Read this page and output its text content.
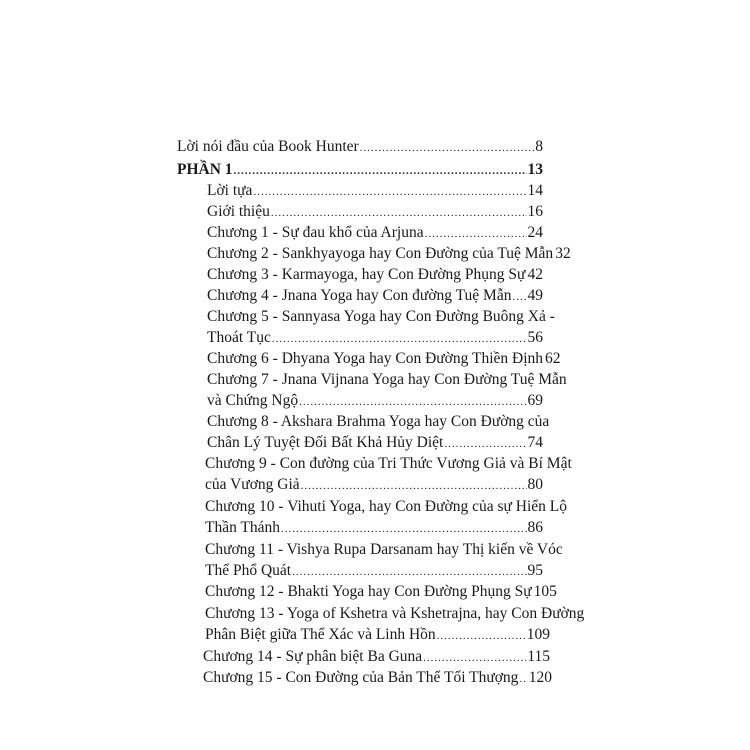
Lời nói đầu của Book Hunter .....	8
PHẦN 1 .....	13
Lời tựa .....	14
Giới thiệu .....	16
Chương 1 - Sự đau khổ của Arjuna .....	24
Chương 2 - Sankhyayoga hay Con Đường của Tuệ Mẫn 32
Chương 3 - Karmayoga, hay Con Đường Phụng Sự ..... 42
Chương 4 - Jnana Yoga hay Con đường Tuệ Mẫn ..... 49
Chương 5 - Sannyasa Yoga hay Con Đường Buông Xả -
Thoát Tục .....	56
Chương 6 - Dhyana Yoga hay Con Đường Thiền Định 62
Chương 7 - Jnana Vijnana Yoga hay Con Đường Tuệ Mẫn
và Chứng Ngộ .....	69
Chương 8 - Akshara Brahma Yoga hay Con Đường của
Chân Lý Tuyệt Đối Bất Khả Hủy Diệt .....	74
Chương 9 - Con đường của Tri Thức Vương Giả và Bí Mật
của Vương Giả .....	80
Chương 10 - Vihuti Yoga, hay Con Đường của sự Hiển Lộ
Thần Thánh .....	86
Chương 11 - Vishya Rupa Darsanam hay Thị kiến về Vóc
Thể Phổ Quát .....	95
Chương 12 - Bhakti Yoga hay Con Đường Phụng Sự 105
Chương 13 - Yoga of Kshetra và Kshetrajna, hay Con Đường
Phân Biệt giữa Thể Xác và Linh Hồn .....	109
Chương 14 - Sự phân biệt Ba Guna .....	115
Chương 15 - Con Đường của Bản Thể Tối Thượng ..... 120
